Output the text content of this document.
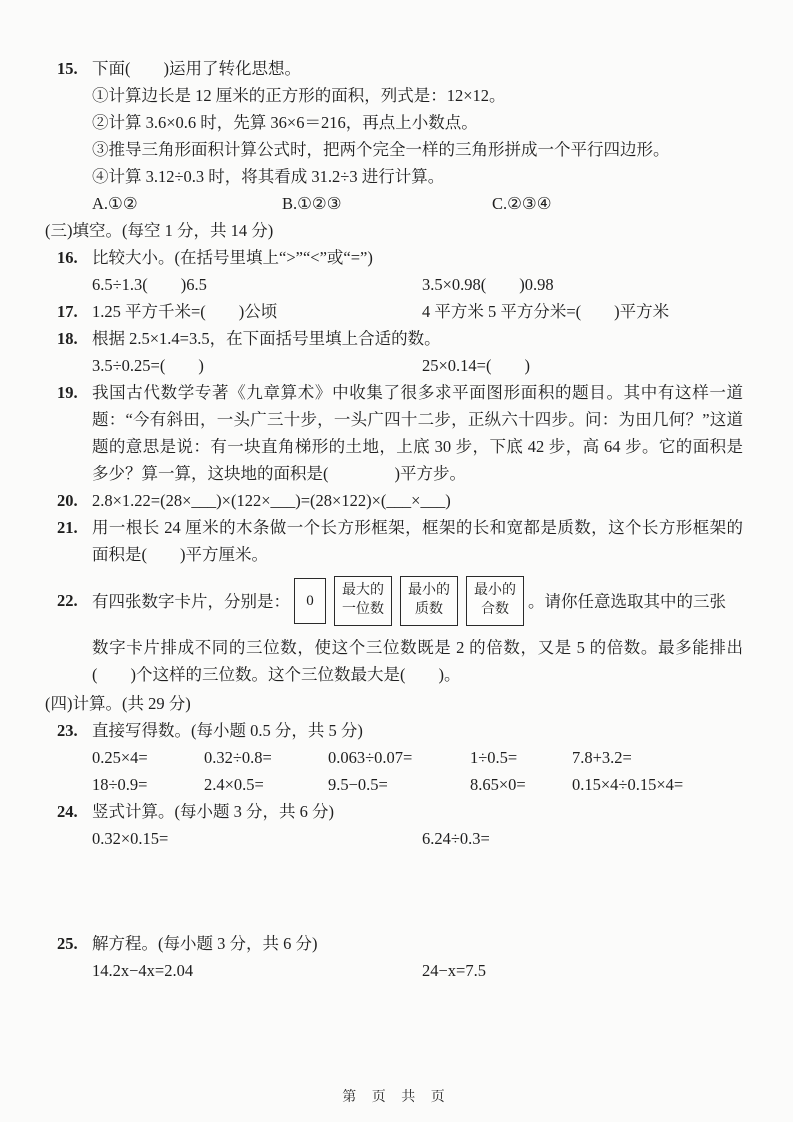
15. 下面(　　)运用了转化思想。
①计算边长是 12 厘米的正方形的面积，列式是：12×12。
②计算 3.6×0.6 时，先算 36×6＝216，再点上小数点。
③推导三角形面积计算公式时，把两个完全一样的三角形拼成一个平行四边形。
④计算 3.12÷0.3 时，将其看成 31.2÷3 进行计算。
A.①②	B.①②③	C.②③④
(三)填空。(每空 1 分，共 14 分)
16. 比较大小。(在括号里填上“>”“<”或“=”)
6.5÷1.3(　　)6.5	3.5×0.98(　　)0.98
17. 1.25 平方千米=(　　)公顷	4 平方米 5 平方分米=(　　)平方米
18. 根据 2.5×1.4=3.5，在下面括号里填上合适的数。
3.5÷0.25=(　　)	25×0.14=(　　)
19. 我国古代数学专著《九章算术》中收集了很多求平面图形面积的题目。其中有这样一道题：“今有斜田，一头广三十步，一头广四十二步，正纵六十四步。问：为田几何？”这道题的意思是说：有一块直角梯形的土地，上底 30 步，下底 42 步，高 64 步。它的面积是多少？算一算，这块地的面积是(　　　　)平方步。
20. 2.8×1.22=(28×___)×(122×___)=(28×122)×(___×___)
21. 用一根长 24 厘米的木条做一个长方形框架，框架的长和宽都是质数，这个长方形框架的面积是(　　)平方厘米。
22. 有四张数字卡片，分别是： 0
最大的
一位数
最小的
质数
最小的
合数	。请你任意选取其中的三张
数字卡片排成不同的三位数，使这个三位数既是 2 的倍数，又是 5 的倍数。最多能排出(　　)个这样的三位数。这个三位数最大是(　　)。
(四)计算。(共 29 分)
23. 直接写得数。(每小题 0.5 分，共 5 分)
0.25×4=	0.32÷0.8=	0.063÷0.07=	1÷0.5=	7.8+3.2=
18÷0.9=	2.4×0.5=	9.5−0.5=	8.65×0=	0.15×4÷0.15×4=
24. 竖式计算。(每小题 3 分，共 6 分)
0.32×0.15=	6.24÷0.3=
25. 解方程。(每小题 3 分，共 6 分)
14.2x−4x=2.04	24−x=7.5
第 页 共 页
